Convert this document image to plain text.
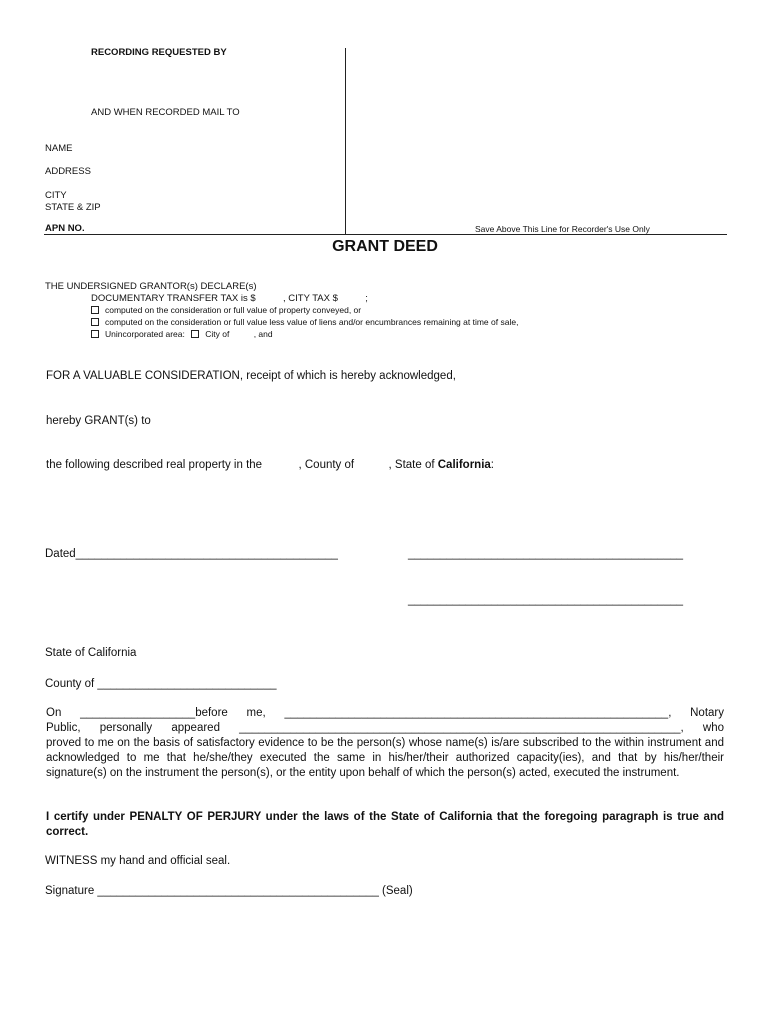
RECORDING REQUESTED BY
AND WHEN RECORDED MAIL TO
NAME
ADDRESS
CITY
STATE & ZIP
APN NO.	Save Above This Line for Recorder's Use Only
GRANT DEED
THE UNDERSIGNED GRANTOR(s) DECLARE(s)
DOCUMENTARY TRANSFER TAX is $	, CITY TAX $	;
computed on the consideration or full value of property conveyed, or
computed on the consideration or full value less value of liens and/or encumbrances remaining at time of sale,
Unincorporated area: City of	, and
FOR A VALUABLE CONSIDERATION, receipt of which is hereby acknowledged,
hereby GRANT(s) to
the following described real property in the	, County of	, State of California:
Dated_________________________________________	___________________________________________
___________________________________________
State of California
County of ____________________________
On __________________before me, ____________________________________________________________, Notary
Public, personally appeared _____________________________________________________________________, who
proved to me on the basis of satisfactory evidence to be the person(s) whose name(s) is/are subscribed to the within instrument and acknowledged to me that he/she/they executed the same in his/her/their authorized capacity(ies), and that by his/her/their signature(s) on the instrument the person(s), or the entity upon behalf of which the person(s) acted, executed the instrument.
I certify under PENALTY OF PERJURY under the laws of the State of California that the foregoing paragraph is true and correct.
WITNESS my hand and official seal.
Signature ____________________________________________ (Seal)
